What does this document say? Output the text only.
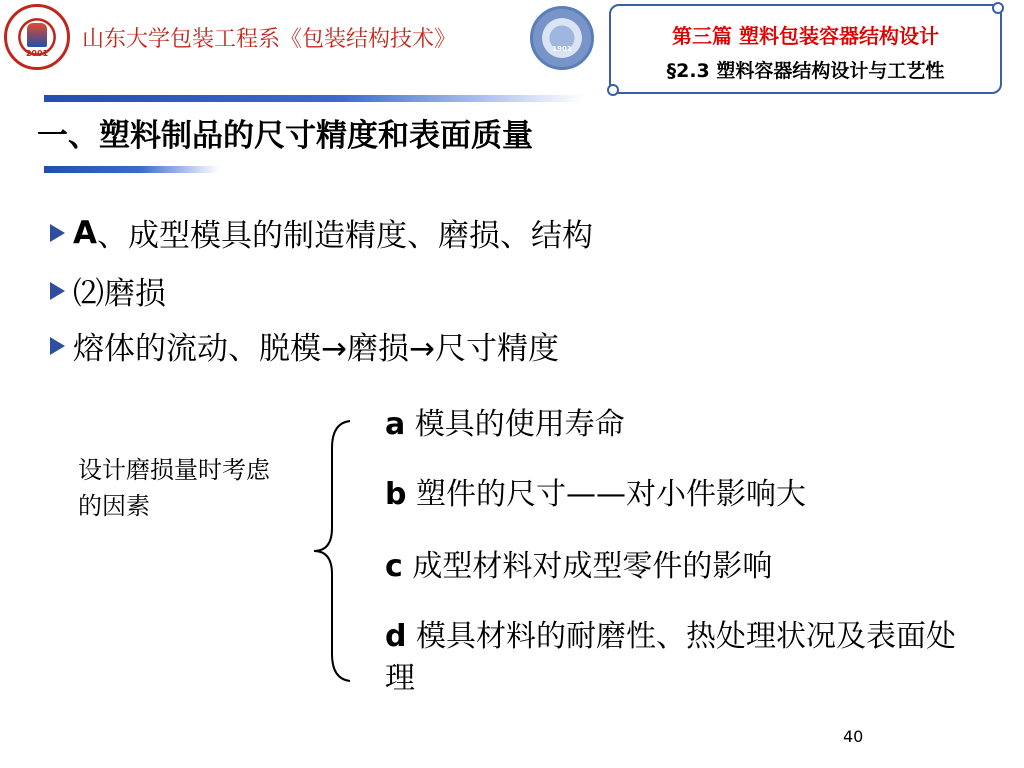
2001
山东大学包装工程系《包装结构技术》	1901
第三篇 塑料包装容器结构设计
§2.3 塑料容器结构设计与工艺性
一、塑料制品的尺寸精度和表面质量
A 、成型模具的制造精度、磨损、结构
⑵ 磨损
熔体的流动、脱模→磨损→尺寸精度
设计磨损量时考虑的因素
a 模具的使用寿命
b 塑件的尺寸——对小件影响大
c 成型材料对成型零件的影响
d 模具材料的耐磨性、热处理状况及表面处理
40
